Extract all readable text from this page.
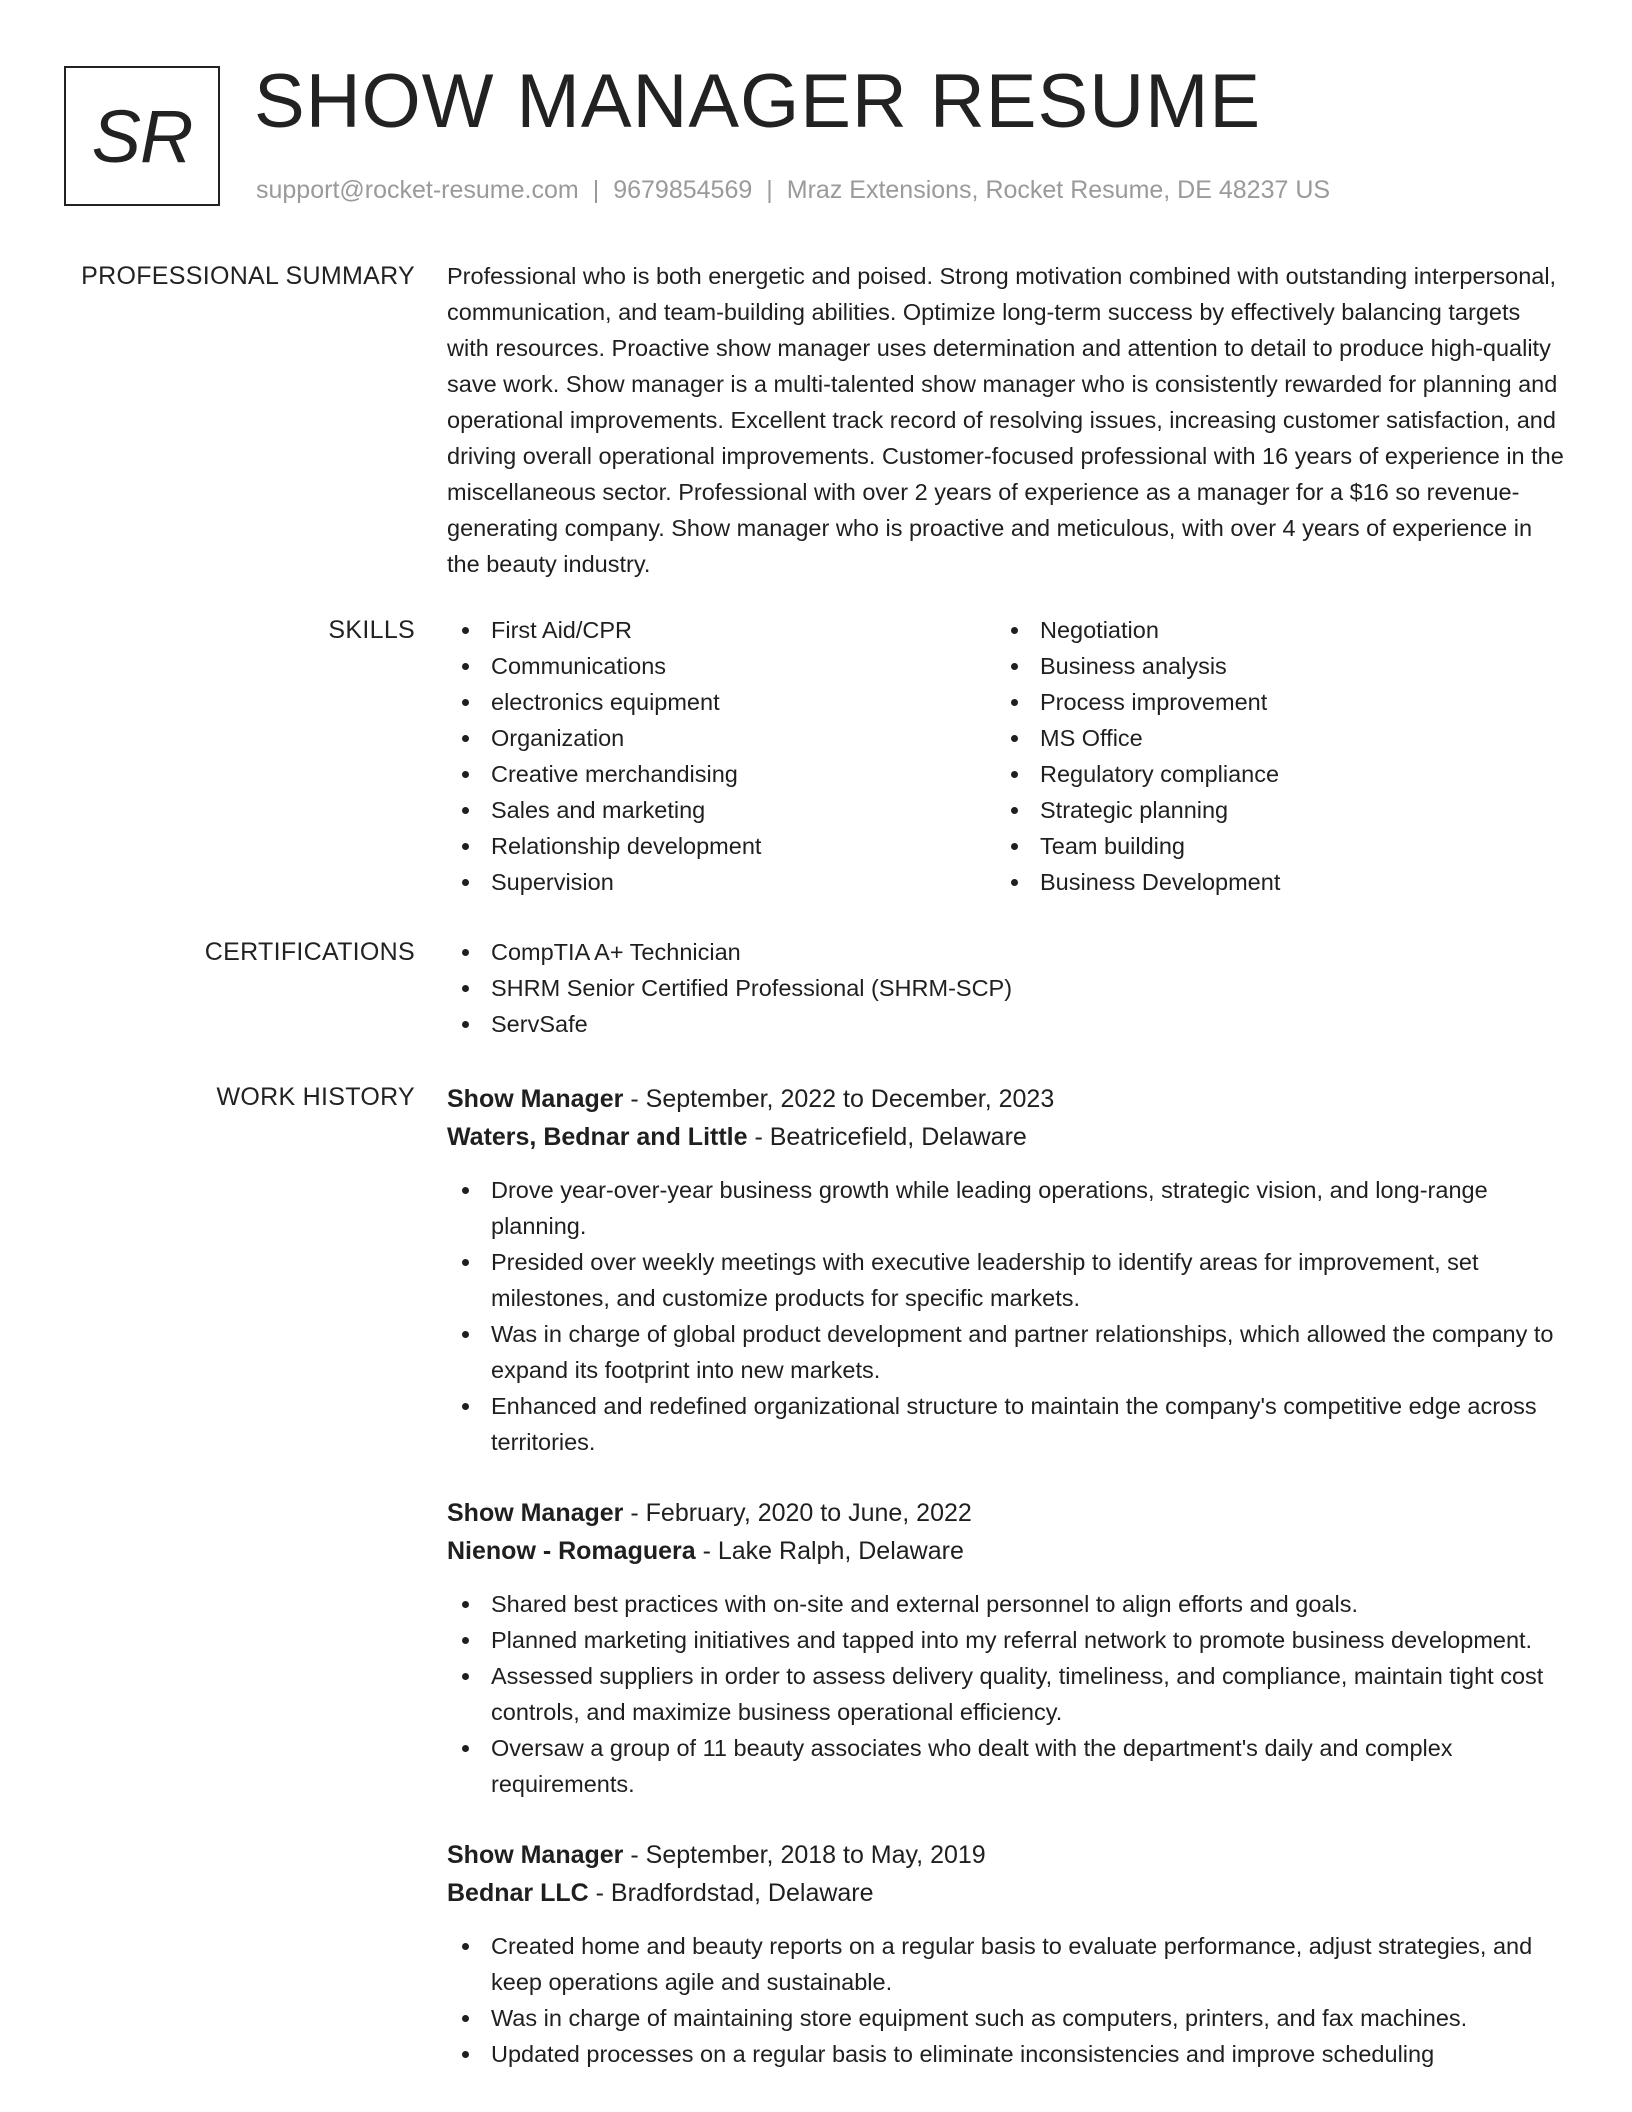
SR SHOW MANAGER RESUME
support@rocket-resume.com | 9679854569 | Mraz Extensions, Rocket Resume, DE 48237 US
PROFESSIONAL SUMMARY Professional who is both energetic and poised. Strong motivation combined with outstanding interpersonal, communication, and team-building abilities. Optimize long-term success by effectively balancing targets with resources. Proactive show manager uses determination and attention to detail to produce high-quality save work. Show manager is a multi-talented show manager who is consistently rewarded for planning and operational improvements. Excellent track record of resolving issues, increasing customer satisfaction, and driving overall operational improvements. Customer-focused professional with 16 years of experience in the miscellaneous sector. Professional with over 2 years of experience as a manager for a $16 so revenue-generating company. Show manager who is proactive and meticulous, with over 4 years of experience in the beauty industry.

SKILLS	First Aid/CPR
Communications
electronics equipment
Organization
Creative merchandising
Sales and marketing
Relationship development
Supervision
Negotiation
Business analysis
Process improvement
MS Office
Regulatory compliance
Strategic planning
Team building
Business Development
CERTIFICATIONS	CompTIA A+ Technician
SHRM Senior Certified Professional (SHRM-SCP)
ServSafe
WORK HISTORY Show Manager - September, 2022 to December, 2023
Waters, Bednar and Little - Beatricefield, Delaware
Drove year-over-year business growth while leading operations, strategic vision, and long-range planning.
Presided over weekly meetings with executive leadership to identify areas for improvement, set milestones, and customize products for specific markets.
Was in charge of global product development and partner relationships, which allowed the company to expand its footprint into new markets.
Enhanced and redefined organizational structure to maintain the company's competitive edge across territories.
Show Manager - February, 2020 to June, 2022
Nienow - Romaguera - Lake Ralph, Delaware
Shared best practices with on-site and external personnel to align efforts and goals.
Planned marketing initiatives and tapped into my referral network to promote business development.
Assessed suppliers in order to assess delivery quality, timeliness, and compliance, maintain tight cost controls, and maximize business operational efficiency.
Oversaw a group of 11 beauty associates who dealt with the department's daily and complex requirements.
Show Manager - September, 2018 to May, 2019
Bednar LLC - Bradfordstad, Delaware
Created home and beauty reports on a regular basis to evaluate performance, adjust strategies, and keep operations agile and sustainable.
Was in charge of maintaining store equipment such as computers, printers, and fax machines.
Updated processes on a regular basis to eliminate inconsistencies and improve scheduling
